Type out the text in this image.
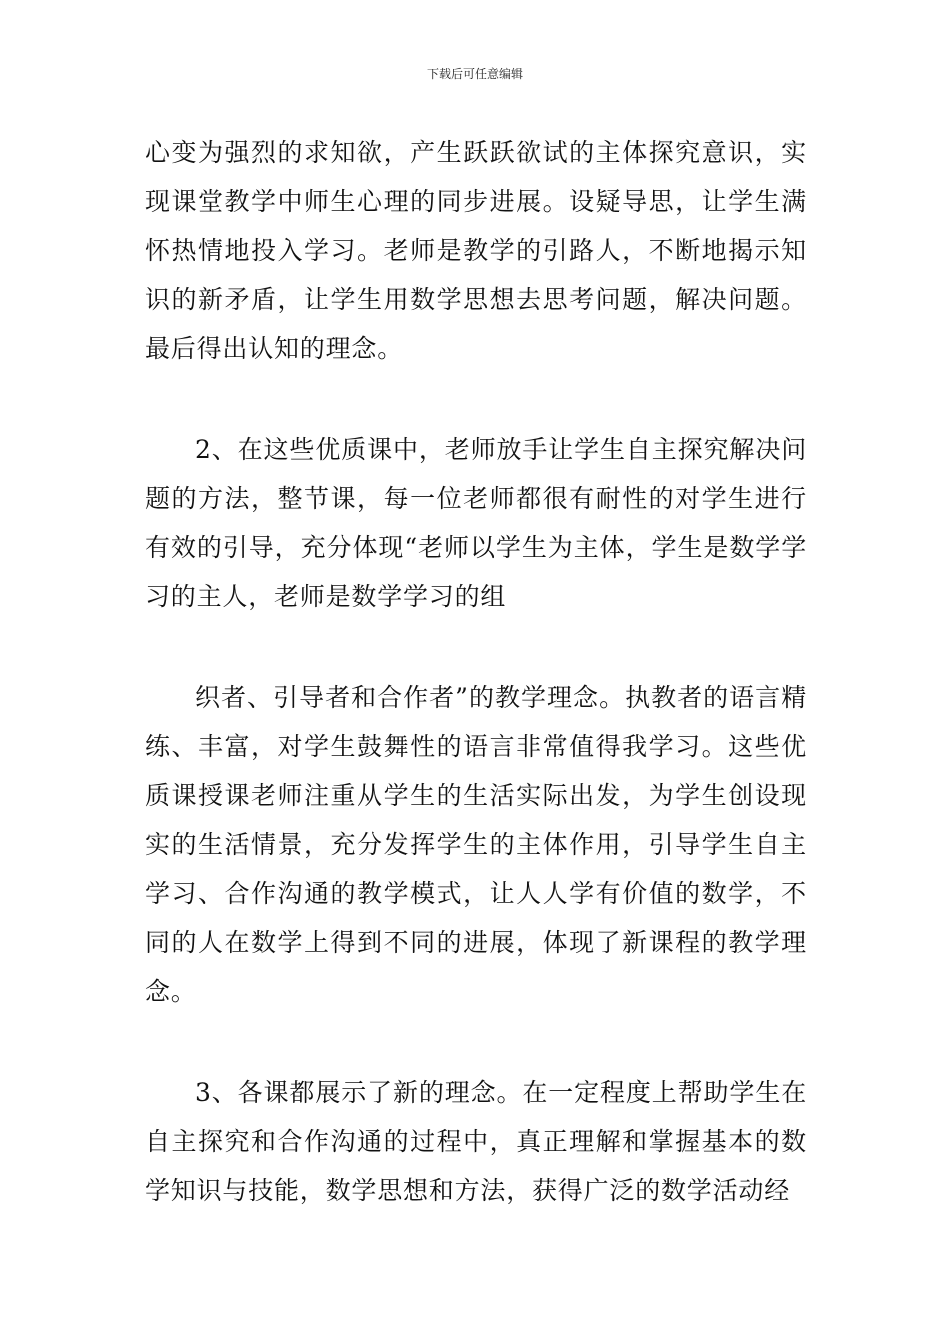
下载后可任意编辑

心变为强烈的求知欲，产生跃跃欲试的主体探究意识，实现课堂教学中师生心理的同步进展。设疑导思，让学生满怀热情地投入学习。老师是教学的引路人，不断地揭示知识的新矛盾，让学生用数学思想去思考问题，解决问题。最后得出认知的理念。

2、在这些优质课中，老师放手让学生自主探究解决问题的方法，整节课，每一位老师都很有耐性的对学生进行有效的引导，充分体现“老师以学生为主体，学生是数学学习的主人，老师是数学学习的组

织者、引导者和合作者”的教学理念。执教者的语言精练、丰富，对学生鼓舞性的语言非常值得我学习。这些优质课授课老师注重从学生的生活实际出发，为学生创设现实的生活情景，充分发挥学生的主体作用，引导学生自主学习、合作沟通的教学模式，让人人学有价值的数学，不同的人在数学上得到不同的进展，体现了新课程的教学理念。

3、各课都展示了新的理念。在一定程度上帮助学生在自主探究和合作沟通的过程中，真正理解和掌握基本的数学知识与技能，数学思想和方法，获得广泛的数学活动经
